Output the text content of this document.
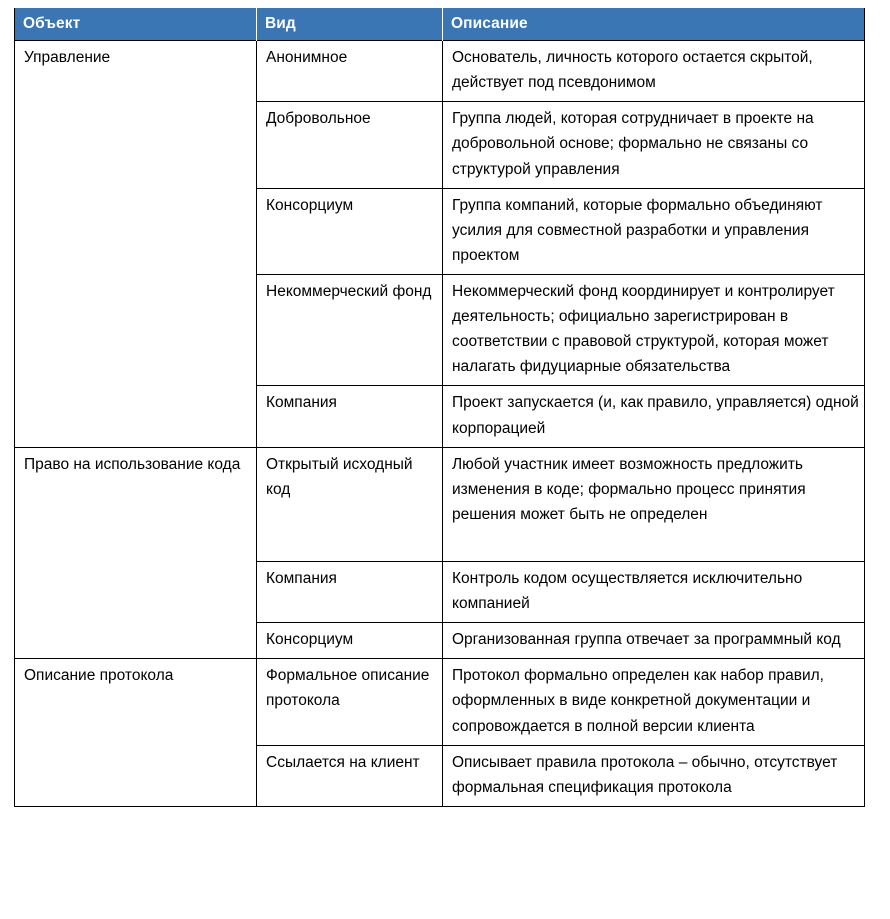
Объект	Вид	Описание

Управление	Анонимное	Основатель, личность которого остается скрытой, действует под псевдонимом

	Добровольное	Группа людей, которая сотрудничает в проекте на добровольной основе; формально не связаны со структурой управления

	Консорциум	Группа компаний, которые формально объединяют усилия для совместной разработки и управления проектом

	Некоммерческий фонд	Некоммерческий фонд координирует и контролирует деятельность; официально зарегистрирован в соответствии с правовой структурой, которая может налагать фидуциарные обязательства

	Компания	Проект запускается (и, как правило, управляется) одной корпорацией

Право на использование кода	Открытый исходный код	Любой участник имеет возможность предложить изменения в коде; формально процесс принятия решения может быть не определен

	Компания	Контроль кодом осуществляется исключительно компанией

	Консорциум	Организованная группа отвечает за программный код

Описание протокола	Формальное описание протокола	Протокол формально определен как набор правил, оформленных в виде конкретной документации и сопровождается в полной версии клиента

	Ссылается на клиент	Описывает правила протокола – обычно, отсутствует формальная спецификация протокола
